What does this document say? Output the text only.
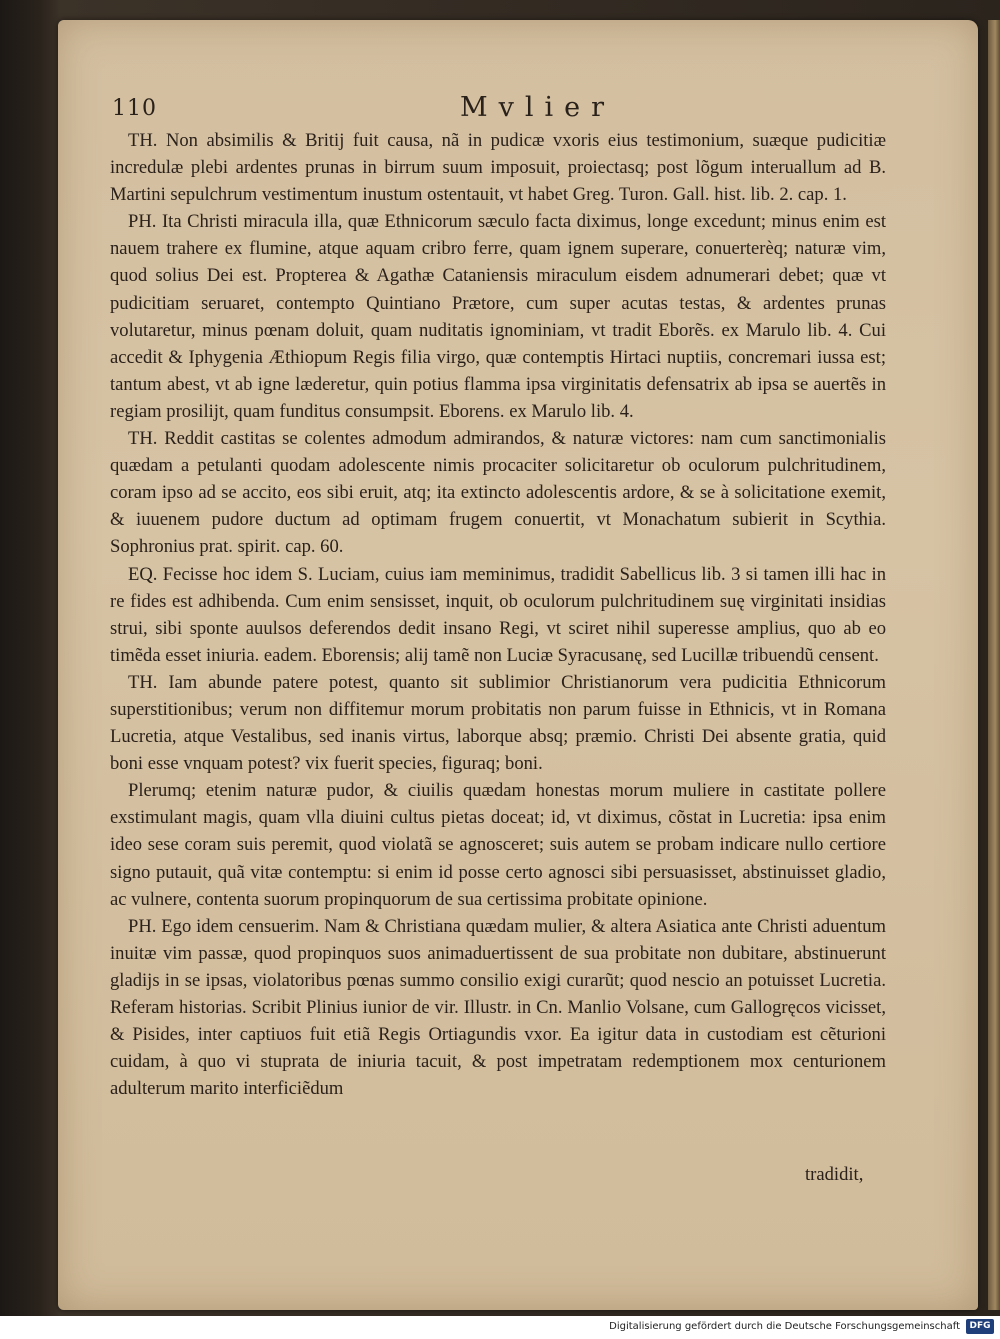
110	Mvlier

TH. Non absimilis & Britij fuit causa, nã in pudicæ vxoris eius testimonium, suæque pudicitiæ incredulæ plebi ardentes prunas in birrum suum imposuit, proiectasq; post lõgum interuallum ad B. Martini sepulchrum vestimentum inustum ostentauit, vt habet Greg. Turon. Gall. hist. lib. 2. cap. 1.

PH. Ita Christi miracula illa, quæ Ethnicorum sæculo facta diximus, longe excedunt; minus enim est nauem trahere ex flumine, atque aquam cribro ferre, quam ignem superare, conuerterèq; naturæ vim, quod solius Dei est. Propterea & Agathæ Cataniensis miraculum eisdem adnumerari debet; quæ vt pudicitiam seruaret, contempto Quintiano Prætore, cum super acutas testas, & ardentes prunas volutaretur, minus pœnam doluit, quam nuditatis ignominiam, vt tradit Eborẽs. ex Marulo lib. 4. Cui accedit & Iphygenia Æthiopum Regis filia virgo, quæ contemptis Hirtaci nuptiis, concremari iussa est; tantum abest, vt ab igne læderetur, quin potius flamma ipsa virginitatis defensatrix ab ipsa se auertẽs in regiam prosilijt, quam funditus consumpsit. Eborens. ex Marulo lib. 4.

TH. Reddit castitas se colentes admodum admirandos, & naturæ victores: nam cum sanctimonialis quædam a petulanti quodam adolescente nimis procaciter solicitaretur ob oculorum pulchritudinem, coram ipso ad se accito, eos sibi eruit, atq; ita extincto adolescentis ardore, & se à solicitatione exemit, & iuuenem pudore ductum ad optimam frugem conuertit, vt Monachatum subierit in Scythia. Sophronius prat. spirit. cap. 60.

EQ. Fecisse hoc idem S. Luciam, cuius iam meminimus, tradidit Sabellicus lib. 3 si tamen illi hac in re fides est adhibenda. Cum enim sensisset, inquit, ob oculorum pulchritudinem suę virginitati insidias strui, sibi sponte auulsos deferendos dedit insano Regi, vt sciret nihil superesse amplius, quo ab eo timẽda esset iniuria. eadem. Eborensis; alij tamẽ non Luciæ Syracusanę, sed Lucillæ tribuendũ censent.

TH. Iam abunde patere potest, quanto sit sublimior Christianorum vera pudicitia Ethnicorum superstitionibus; verum non diffitemur morum probitatis non parum fuisse in Ethnicis, vt in Romana Lucretia, atque Vestalibus, sed inanis virtus, laborque absq; præmio. Christi Dei absente gratia, quid boni esse vnquam potest? vix fuerit species, figuraq; boni.

Plerumq; etenim naturæ pudor, & ciuilis quædam honestas morum muliere in castitate pollere exstimulant magis, quam vlla diuini cultus pietas doceat; id, vt diximus, cõstat in Lucretia: ipsa enim ideo sese coram suis peremit, quod violatã se agnosceret; suis autem se probam indicare nullo certiore signo putauit, quã vitæ contemptu: si enim id posse certo agnosci sibi persuasisset, abstinuisset gladio, ac vulnere, contenta suorum propinquorum de sua certissima probitate opinione.

PH. Ego idem censuerim. Nam & Christiana quædam mulier, & altera Asiatica ante Christi aduentum inuitæ vim passæ, quod propinquos suos animaduertissent de sua probitate non dubitare, abstinuerunt gladijs in se ipsas, violatoribus pœnas summo consilio exigi curarũt; quod nescio an potuisset Lucretia. Referam historias. Scribit Plinius iunior de vir. Illustr. in Cn. Manlio Volsane, cum Gallogręcos vicisset, & Pisides, inter captiuos fuit etiã Regis Ortiagundis vxor. Ea igitur data in custodiam est cẽturioni cuidam, à quo vi stuprata de iniuria tacuit, & post impetratam redemptionem mox centurionem adulterum marito interficiẽdum

tradidit,
Digitalisierung gefördert durch die Deutsche Forschungsgemeinschaft	DFG
